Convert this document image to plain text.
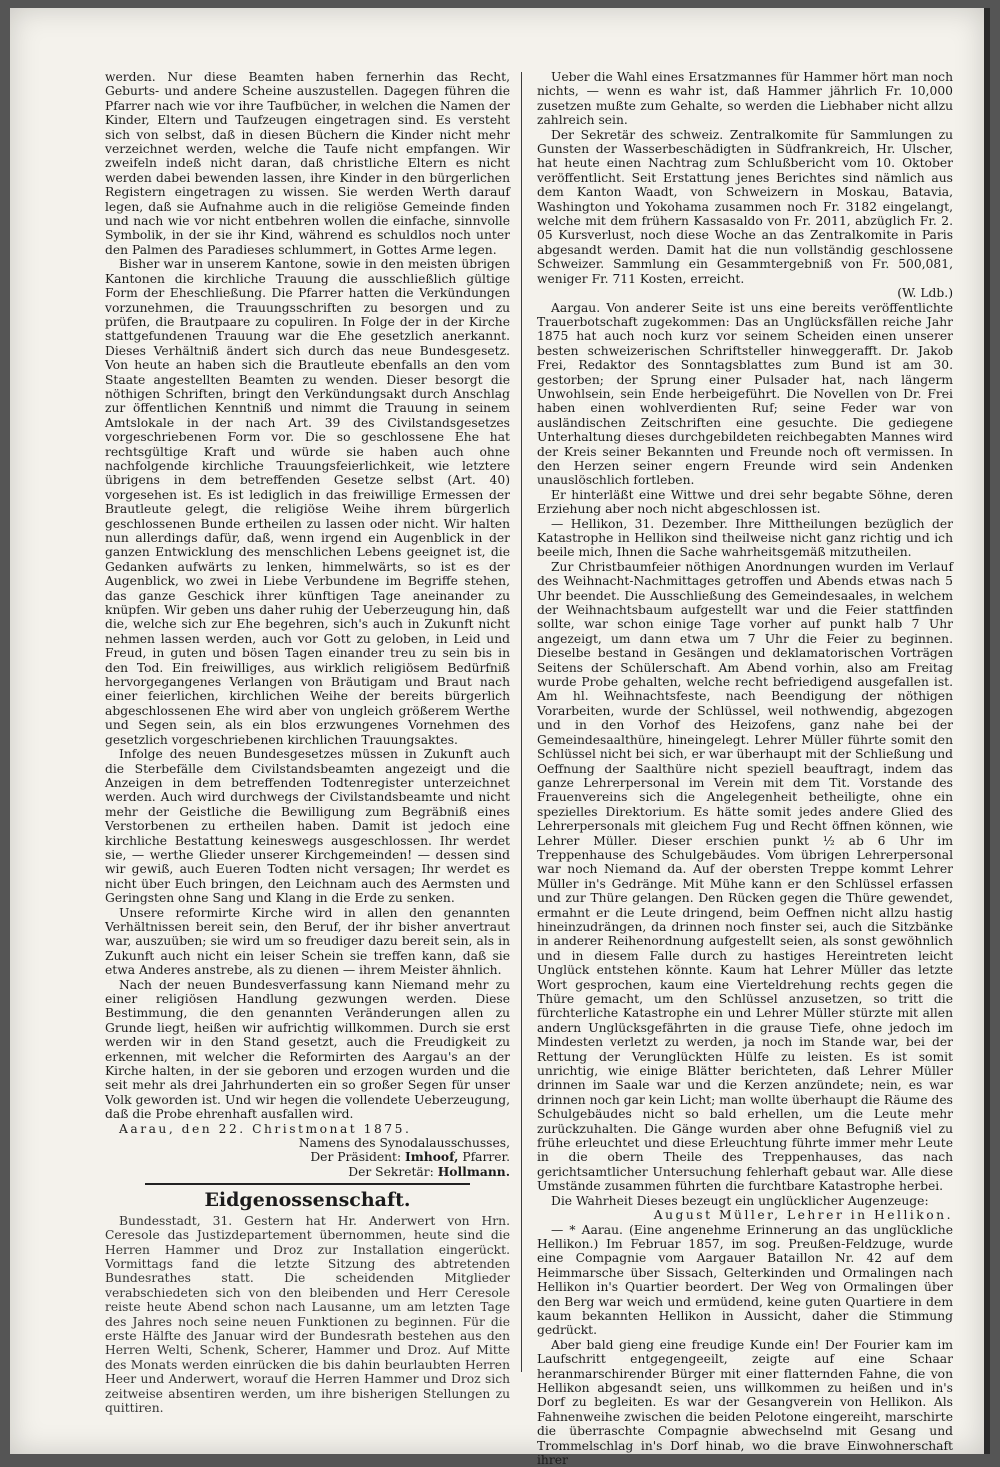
werden. Nur diese Beamten haben fernerhin das Recht, Geburts- und andere Scheine auszustellen. Dagegen führen die Pfarrer nach wie vor ihre Taufbücher, in welchen die Namen der Kinder, Eltern und Taufzeugen eingetragen sind. Es versteht sich von selbst, daß in diesen Büchern die Kinder nicht mehr verzeichnet werden, welche die Taufe nicht empfangen. Wir zweifeln indeß nicht daran, daß christliche Eltern es nicht werden dabei bewenden lassen, ihre Kinder in den bürgerlichen Registern eingetragen zu wissen. Sie werden Werth darauf legen, daß sie Aufnahme auch in die religiöse Gemeinde finden und nach wie vor nicht entbehren wollen die einfache, sinnvolle Symbolik, in der sie ihr Kind, während es schuldlos noch unter den Palmen des Paradieses schlummert, in Gottes Arme legen.

Bisher war in unserem Kantone, sowie in den meisten übrigen Kantonen die kirchliche Trauung die ausschließlich gültige Form der Eheschließung. Die Pfarrer hatten die Verkündungen vorzunehmen, die Trauungsschriften zu besorgen und zu prüfen, die Brautpaare zu copuliren. In Folge der in der Kirche stattgefundenen Trauung war die Ehe gesetzlich anerkannt. Dieses Verhältniß ändert sich durch das neue Bundesgesetz. Von heute an haben sich die Brautleute ebenfalls an den vom Staate angestellten Beamten zu wenden. Dieser besorgt die nöthigen Schriften, bringt den Verkündungsakt durch Anschlag zur öffentlichen Kenntniß und nimmt die Trauung in seinem Amtslokale in der nach Art. 39 des Civilstandsgesetzes vorgeschriebenen Form vor. Die so geschlossene Ehe hat rechtsgültige Kraft und würde sie haben auch ohne nachfolgende kirchliche Trauungsfeierlichkeit, wie letztere übrigens in dem betreffenden Gesetze selbst (Art. 40) vorgesehen ist. Es ist lediglich in das freiwillige Ermessen der Brautleute gelegt, die religiöse Weihe ihrem bürgerlich geschlossenen Bunde ertheilen zu lassen oder nicht. Wir halten nun allerdings dafür, daß, wenn irgend ein Augenblick in der ganzen Entwicklung des menschlichen Lebens geeignet ist, die Gedanken aufwärts zu lenken, himmelwärts, so ist es der Augenblick, wo zwei in Liebe Verbundene im Begriffe stehen, das ganze Geschick ihrer künftigen Tage aneinander zu knüpfen. Wir geben uns daher ruhig der Ueberzeugung hin, daß die, welche sich zur Ehe begehren, sich's auch in Zukunft nicht nehmen lassen werden, auch vor Gott zu geloben, in Leid und Freud, in guten und bösen Tagen einander treu zu sein bis in den Tod. Ein freiwilliges, aus wirklich religiösem Bedürfniß hervorgegangenes Verlangen von Bräutigam und Braut nach einer feierlichen, kirchlichen Weihe der bereits bürgerlich abgeschlossenen Ehe wird aber von ungleich größerem Werthe und Segen sein, als ein blos erzwungenes Vornehmen des gesetzlich vorgeschriebenen kirchlichen Trauungsaktes.

Infolge des neuen Bundesgesetzes müssen in Zukunft auch die Sterbefälle dem Civilstandsbeamten angezeigt und die Anzeigen in dem betreffenden Todtenregister unterzeichnet werden. Auch wird durchwegs der Civilstandsbeamte und nicht mehr der Geistliche die Bewilligung zum Begräbniß eines Verstorbenen zu ertheilen haben. Damit ist jedoch eine kirchliche Bestattung keineswegs ausgeschlossen. Ihr werdet sie, — werthe Glieder unserer Kirchgemeinden! — dessen sind wir gewiß, auch Eueren Todten nicht versagen; Ihr werdet es nicht über Euch bringen, den Leichnam auch des Aermsten und Geringsten ohne Sang und Klang in die Erde zu senken.

Unsere reformirte Kirche wird in allen den genannten Verhältnissen bereit sein, den Beruf, der ihr bisher anvertraut war, auszuüben; sie wird um so freudiger dazu bereit sein, als in Zukunft auch nicht ein leiser Schein sie treffen kann, daß sie etwa Anderes anstrebe, als zu dienen — ihrem Meister ähnlich.

Nach der neuen Bundesverfassung kann Niemand mehr zu einer religiösen Handlung gezwungen werden. Diese Bestimmung, die den genannten Veränderungen allen zu Grunde liegt, heißen wir aufrichtig willkommen. Durch sie erst werden wir in den Stand gesetzt, auch die Freudigkeit zu erkennen, mit welcher die Reformirten des Aargau's an der Kirche halten, in der sie geboren und erzogen wurden und die seit mehr als drei Jahrhunderten ein so großer Segen für unser Volk geworden ist. Und wir hegen die vollendete Ueberzeugung, daß die Probe ehrenhaft ausfallen wird.

Aarau, den 22. Christmonat 1875.

Namens des Synodalausschusses,

Der Präsident: Imhoof, Pfarrer.

Der Sekretär: Hollmann.

Eidgenossenschaft.

Bundesstadt, 31. Gestern hat Hr. Anderwert von Hrn. Ceresole das Justizdepartement übernommen, heute sind die Herren Hammer und Droz zur Installation eingerückt. Vormittags fand die letzte Sitzung des abtretenden Bundesrathes statt. Die scheidenden Mitglieder verabschiedeten sich von den bleibenden und Herr Ceresole reiste heute Abend schon nach Lausanne, um am letzten Tage des Jahres noch seine neuen Funktionen zu beginnen. Für die erste Hälfte des Januar wird der Bundesrath bestehen aus den Herren Welti, Schenk, Scherer, Hammer und Droz. Auf Mitte des Monats werden einrücken die bis dahin beurlaubten Herren Heer und Anderwert, worauf die Herren Hammer und Droz sich zeitweise absentiren werden, um ihre bisherigen Stellungen zu quittiren.

Ueber die Wahl eines Ersatzmannes für Hammer hört man noch nichts, — wenn es wahr ist, daß Hammer jährlich Fr. 10,000 zusetzen mußte zum Gehalte, so werden die Liebhaber nicht allzu zahlreich sein.

Der Sekretär des schweiz. Zentralkomite für Sammlungen zu Gunsten der Wasserbeschädigten in Südfrankreich, Hr. Ulscher, hat heute einen Nachtrag zum Schlußbericht vom 10. Oktober veröffentlicht. Seit Erstattung jenes Berichtes sind nämlich aus dem Kanton Waadt, von Schweizern in Moskau, Batavia, Washington und Yokohama zusammen noch Fr. 3182 eingelangt, welche mit dem frühern Kassasaldo von Fr. 2011, abzüglich Fr. 2. 05 Kursverlust, noch diese Woche an das Zentralkomite in Paris abgesandt werden. Damit hat die nun vollständig geschlossene Schweizer. Sammlung ein Gesammtergebniß von Fr. 500,081, weniger Fr. 711 Kosten, erreicht.

(W. Ldb.)

Aargau. Von anderer Seite ist uns eine bereits veröffentlichte Trauerbotschaft zugekommen: Das an Unglücksfällen reiche Jahr 1875 hat auch noch kurz vor seinem Scheiden einen unserer besten schweizerischen Schriftsteller hinweggerafft. Dr. Jakob Frei, Redaktor des Sonntagsblattes zum Bund ist am 30. gestorben; der Sprung einer Pulsader hat, nach längerm Unwohlsein, sein Ende herbeigeführt. Die Novellen von Dr. Frei haben einen wohlverdienten Ruf; seine Feder war von ausländischen Zeitschriften eine gesuchte. Die gediegene Unterhaltung dieses durchgebildeten reichbegabten Mannes wird der Kreis seiner Bekannten und Freunde noch oft vermissen. In den Herzen seiner engern Freunde wird sein Andenken unauslöschlich fortleben.

Er hinterläßt eine Wittwe und drei sehr begabte Söhne, deren Erziehung aber noch nicht abgeschlossen ist.

— Hellikon, 31. Dezember. Ihre Mittheilungen bezüglich der Katastrophe in Hellikon sind theilweise nicht ganz richtig und ich beeile mich, Ihnen die Sache wahrheitsgemäß mitzutheilen.

Zur Christbaumfeier nöthigen Anordnungen wurden im Verlauf des Weihnacht-Nachmittages getroffen und Abends etwas nach 5 Uhr beendet. Die Ausschließung des Gemeindesaales, in welchem der Weihnachtsbaum aufgestellt war und die Feier stattfinden sollte, war schon einige Tage vorher auf punkt halb 7 Uhr angezeigt, um dann etwa um 7 Uhr die Feier zu beginnen. Dieselbe bestand in Gesängen und deklamatorischen Vorträgen Seitens der Schülerschaft. Am Abend vorhin, also am Freitag wurde Probe gehalten, welche recht befriedigend ausgefallen ist. Am hl. Weihnachtsfeste, nach Beendigung der nöthigen Vorarbeiten, wurde der Schlüssel, weil nothwendig, abgezogen und in den Vorhof des Heizofens, ganz nahe bei der Gemeindesaalthüre, hineingelegt. Lehrer Müller führte somit den Schlüssel nicht bei sich, er war überhaupt mit der Schließung und Oeffnung der Saalthüre nicht speziell beauftragt, indem das ganze Lehrerpersonal im Verein mit dem Tit. Vorstande des Frauenvereins sich die Angelegenheit betheiligte, ohne ein spezielles Direktorium. Es hätte somit jedes andere Glied des Lehrerpersonals mit gleichem Fug und Recht öffnen können, wie Lehrer Müller. Dieser erschien punkt ½ ab 6 Uhr im Treppenhause des Schulgebäudes. Vom übrigen Lehrerpersonal war noch Niemand da. Auf der obersten Treppe kommt Lehrer Müller in's Gedränge. Mit Mühe kann er den Schlüssel erfassen und zur Thüre gelangen. Den Rücken gegen die Thüre gewendet, ermahnt er die Leute dringend, beim Oeffnen nicht allzu hastig hineinzudrängen, da drinnen noch finster sei, auch die Sitzbänke in anderer Reihenordnung aufgestellt seien, als sonst gewöhnlich und in diesem Falle durch zu hastiges Hereintreten leicht Unglück entstehen könnte. Kaum hat Lehrer Müller das letzte Wort gesprochen, kaum eine Vierteldrehung rechts gegen die Thüre gemacht, um den Schlüssel anzusetzen, so tritt die fürchterliche Katastrophe ein und Lehrer Müller stürzte mit allen andern Unglücksgefährten in die grause Tiefe, ohne jedoch im Mindesten verletzt zu werden, ja noch im Stande war, bei der Rettung der Verunglückten Hülfe zu leisten. Es ist somit unrichtig, wie einige Blätter berichteten, daß Lehrer Müller drinnen im Saale war und die Kerzen anzündete; nein, es war drinnen noch gar kein Licht; man wollte überhaupt die Räume des Schulgebäudes nicht so bald erhellen, um die Leute mehr zurückzuhalten. Die Gänge wurden aber ohne Befugniß viel zu frühe erleuchtet und diese Erleuchtung führte immer mehr Leute in die obern Theile des Treppenhauses, das nach gerichtsamtlicher Untersuchung fehlerhaft gebaut war. Alle diese Umstände zusammen führten die furchtbare Katastrophe herbei.

Die Wahrheit Dieses bezeugt ein unglücklicher Augenzeuge:

August Müller, Lehrer in Hellikon.

— * Aarau. (Eine angenehme Erinnerung an das unglückliche Hellikon.) Im Februar 1857, im sog. Preußen-Feldzuge, wurde eine Compagnie vom Aargauer Bataillon Nr. 42 auf dem Heimmarsche über Sissach, Gelterkinden und Ormalingen nach Hellikon in's Quartier beordert. Der Weg von Ormalingen über den Berg war weich und ermüdend, keine guten Quartiere in dem kaum bekannten Hellikon in Aussicht, daher die Stimmung gedrückt.

Aber bald gieng eine freudige Kunde ein! Der Fourier kam im Laufschritt entgegengeeilt, zeigte auf eine Schaar heranmarschirender Bürger mit einer flatternden Fahne, die von Hellikon abgesandt seien, uns willkommen zu heißen und in's Dorf zu begleiten. Es war der Gesangverein von Hellikon. Als Fahnenweihe zwischen die beiden Pelotone eingereiht, marschirte die überraschte Compagnie abwechselnd mit Gesang und Trommelschlag in's Dorf hinab, wo die brave Einwohnerschaft ihrer
